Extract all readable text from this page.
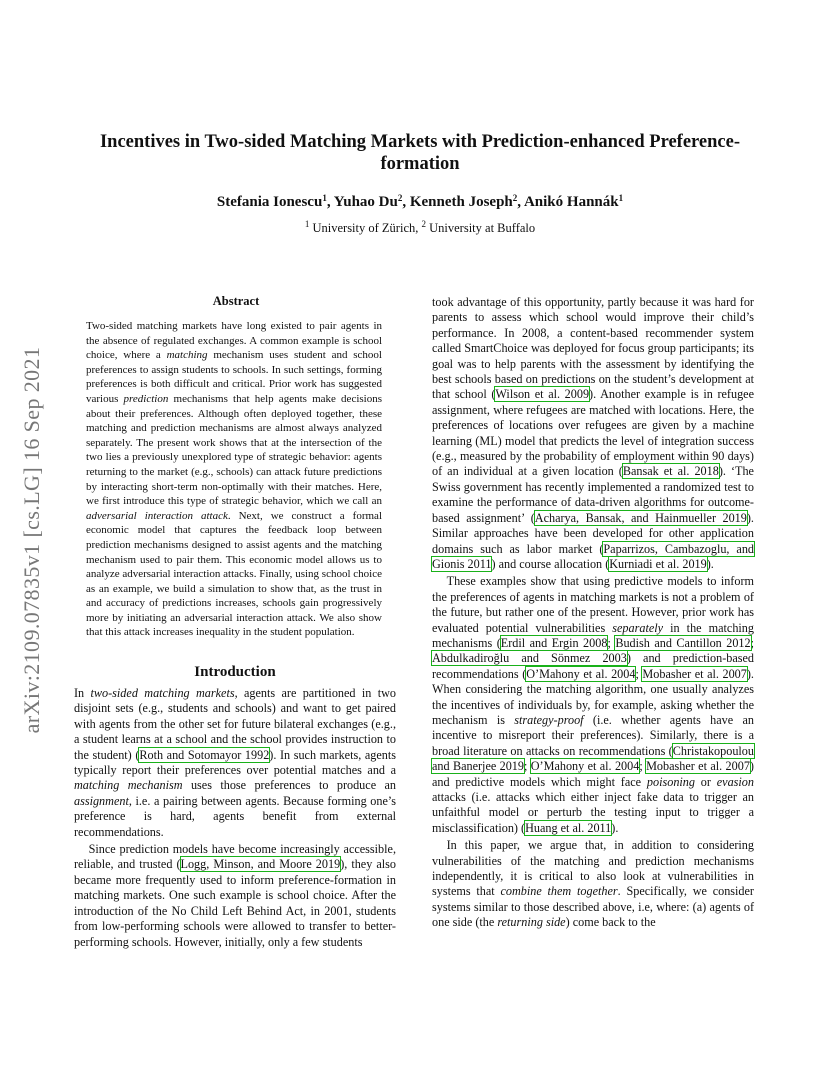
arXiv:2109.07835v1 [cs.LG] 16 Sep 2021
Incentives in Two-sided Matching Markets with Prediction-enhanced Preference-formation
Stefania Ionescu$^1$, Yuhao Du$^2$, Kenneth Joseph$^2$, Anikó Hannák$^1$
$^1$ University of Zürich, $^2$ University at Buffalo
Abstract
Two-sided matching markets have long existed to pair agents in the absence of regulated exchanges. A common example is school choice, where a matching mechanism uses student and school preferences to assign students to schools. In such settings, forming preferences is both difficult and critical. Prior work has suggested various prediction mechanisms that help agents make decisions about their preferences. Although often deployed together, these matching and prediction mechanisms are almost always analyzed separately. The present work shows that at the intersection of the two lies a previously unexplored type of strategic behavior: agents returning to the market (e.g., schools) can attack future predictions by interacting short-term non-optimally with their matches. Here, we first introduce this type of strategic behavior, which we call an adversarial interaction attack. Next, we construct a formal economic model that captures the feedback loop between prediction mechanisms designed to assist agents and the matching mechanism used to pair them. This economic model allows us to analyze adversarial interaction attacks. Finally, using school choice as an example, we build a simulation to show that, as the trust in and accuracy of predictions increases, schools gain progressively more by initiating an adversarial interaction attack. We also show that this attack increases inequality in the student population.
Introduction

In two-sided matching markets, agents are partitioned in two disjoint sets (e.g., students and schools) and want to get paired with agents from the other set for future bilateral exchanges (e.g., a student learns at a school and the school provides instruction to the student) (Roth and Sotomayor 1992). In such markets, agents typically report their preferences over potential matches and a matching mechanism uses those preferences to produce an assignment, i.e. a pairing between agents. Because forming one’s preference is hard, agents benefit from external recommendations.

Since prediction models have become increasingly accessible, reliable, and trusted (Logg, Minson, and Moore 2019), they also became more frequently used to inform preference-formation in matching markets. One such example is school choice. After the introduction of the No Child Left Behind Act, in 2001, students from low-performing schools were allowed to transfer to better-performing schools. However, initially, only a few students

took advantage of this opportunity, partly because it was hard for parents to assess which school would improve their child’s performance. In 2008, a content-based recommender system called SmartChoice was deployed for focus group participants; its goal was to help parents with the assessment by identifying the best schools based on predictions on the student’s development at that school (Wilson et al. 2009). Another example is in refugee assignment, where refugees are matched with locations. Here, the preferences of locations over refugees are given by a machine learning (ML) model that predicts the level of integration success (e.g., measured by the probability of employment within 90 days) of an individual at a given location (Bansak et al. 2018). ‘The Swiss government has recently implemented a randomized test to examine the performance of data-driven algorithms for outcome-based assignment’ (Acharya, Bansak, and Hainmueller 2019). Similar approaches have been developed for other application domains such as labor market (Paparrizos, Cambazoglu, and Gionis 2011) and course allocation (Kurniadi et al. 2019).

These examples show that using predictive models to inform the preferences of agents in matching markets is not a problem of the future, but rather one of the present. However, prior work has evaluated potential vulnerabilities separately in the matching mechanisms (Erdil and Ergin 2008; Budish and Cantillon 2012; Abdulkadiroğlu and Sönmez 2003) and prediction-based recommendations (O’Mahony et al. 2004; Mobasher et al. 2007). When considering the matching algorithm, one usually analyzes the incentives of individuals by, for example, asking whether the mechanism is strategy-proof (i.e. whether agents have an incentive to misreport their preferences). Similarly, there is a broad literature on attacks on recommendations (Christakopoulou and Banerjee 2019; O’Mahony et al. 2004; Mobasher et al. 2007) and predictive models which might face poisoning or evasion attacks (i.e. attacks which either inject fake data to trigger an unfaithful model or perturb the testing input to trigger a misclassification) (Huang et al. 2011).

In this paper, we argue that, in addition to considering vulnerabilities of the matching and prediction mechanisms independently, it is critical to also look at vulnerabilities in systems that combine them together. Specifically, we consider systems similar to those described above, i.e, where: (a) agents of one side (the returning side) come back to the
